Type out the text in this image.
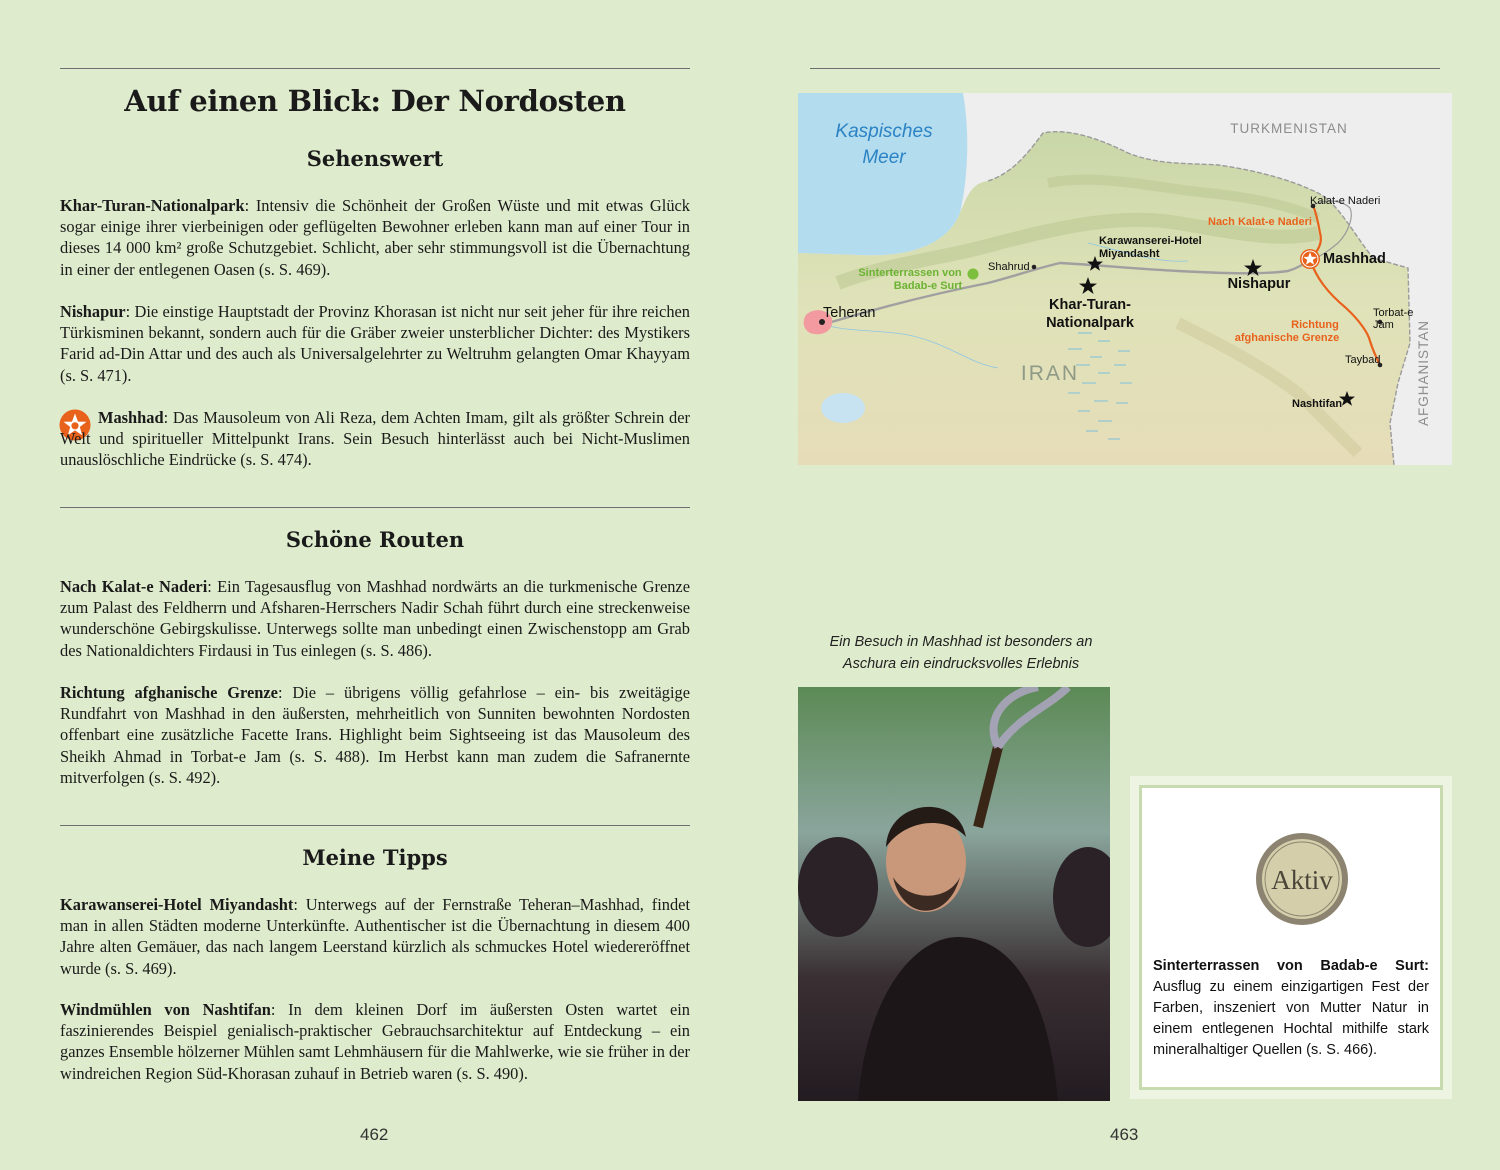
Auf einen Blick: Der Nordosten
Sehenswert

Khar-Turan-Nationalpark: Intensiv die Schönheit der Großen Wüste und mit etwas Glück sogar einige ihrer vierbeinigen oder geflügelten Bewohner erleben kann man auf einer Tour in dieses 14 000 km² große Schutzgebiet. Schlicht, aber sehr stimmungsvoll ist die Übernachtung in einer der entlegenen Oasen (s. S. 469).

Nishapur: Die einstige Hauptstadt der Provinz Khorasan ist nicht nur seit jeher für ihre reichen Türkisminen bekannt, sondern auch für die Gräber zweier unsterblicher Dichter: des Mystikers Farid ad-Din Attar und des auch als Universalgelehrter zu Weltruhm gelangten Omar Khayyam (s. S. 471).

Mashhad: Das Mausoleum von Ali Reza, dem Achten Imam, gilt als größter Schrein der Welt und spiritueller Mittelpunkt Irans. Sein Besuch hinterlässt auch bei Nicht-Muslimen unauslöschliche Eindrücke (s. S. 474).

Schöne Routen

Nach Kalat-e Naderi: Ein Tagesausflug von Mashhad nordwärts an die turkmenische Grenze zum Palast des Feldherrn und Afsharen-Herrschers Nadir Schah führt durch eine streckenweise wunderschöne Gebirgskulisse. Unterwegs sollte man unbedingt einen Zwischenstopp am Grab des Nationaldichters Firdausi in Tus einlegen (s. S. 486).

Richtung afghanische Grenze: Die – übrigens völlig gefahrlose – ein- bis zweitägige Rundfahrt von Mashhad in den äußersten, mehrheitlich von Sunniten bewohnten Nordosten offenbart eine zusätzliche Facette Irans. Highlight beim Sightseeing ist das Mausoleum des Sheikh Ahmad in Torbat-e Jam (s. S. 488). Im Herbst kann man zudem die Safranernte mitverfolgen (s. S. 492).

Meine Tipps

Karawanserei-Hotel Miyandasht: Unterwegs auf der Fernstraße Teheran–Mashhad, findet man in allen Städten moderne Unterkünfte. Authentischer ist die Übernachtung in diesem 400 Jahre alten Gemäuer, das nach langem Leerstand kürzlich als schmuckes Hotel wiedereröffnet wurde (s. S. 469).

Windmühlen von Nashtifan: In dem kleinen Dorf im äußersten Osten wartet ein faszinierendes Beispiel genialisch-praktischer Gebrauchsarchitektur auf Entdeckung – ein ganzes Ensemble hölzerner Mühlen samt Lehmhäusern für die Mahlwerke, wie sie früher in der windreichen Region Süd-Khorasan zuhauf in Betrieb waren (s. S. 490).

462
Kaspisches
Meer
TURKMENISTAN
AFGHANISTAN
IRAN
Teheran
Shahrud
Karawanserei-Hotel
Miyandasht
Khar-Turan-
Nationalpark
Nishapur
Mashhad
Kalat-e Naderi
Torbat-e
Jam
Taybad
Nashtifan
Sinterterrassen von
Badab-e Surt
Nach Kalat-e Naderi
Richtung
afghanische Grenze

Ein Besuch in Mashhad ist besonders an
Aschura ein eindrucksvolles Erlebnis

Aktiv

Sinterterrassen von Badab-e Surt: Ausflug zu einem einzigartigen Fest der Farben, inszeniert von Mutter Natur in einem entlegenen Hochtal mithilfe stark mineralhaltiger Quellen (s. S. 466).

463
